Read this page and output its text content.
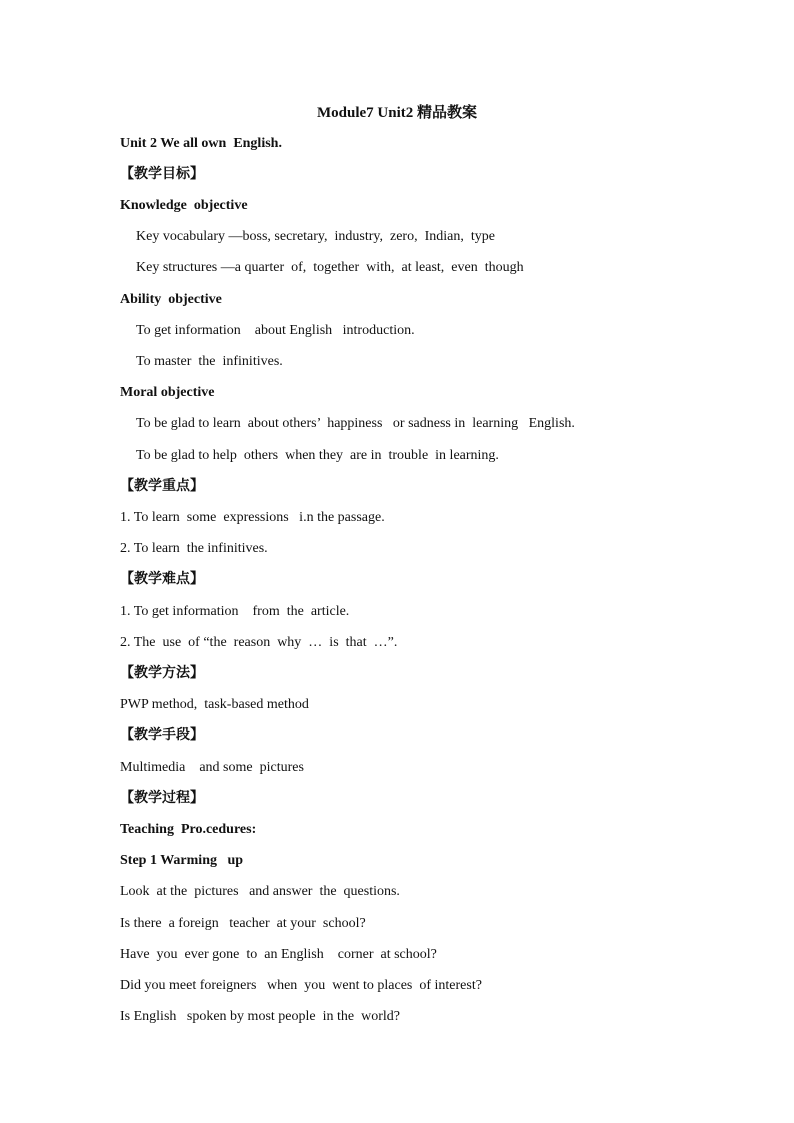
Module7 Unit2 精品教案
Unit 2 We all own  English.
【教学目标】
Knowledge  objective
Key vocabulary —boss, secretary,  industry,  zero,  Indian,  type
Key structures —a quarter  of,  together  with,  at least,  even  though
Ability  objective
To get information    about English   introduction.
To master  the  infinitives.
Moral objective
To be glad to learn  about others’  happiness   or sadness in  learning   English.
To be glad to help  others  when they  are in  trouble  in learning.
【教学重点】
1. To learn  some  expressions   i.n the passage.
2. To learn  the infinitives.
【教学难点】
1. To get information    from  the  article.
2. The  use  of “the  reason  why  …  is  that  …”.
【教学方法】
PWP method,  task-based method
【教学手段】
Multimedia    and some  pictures
【教学过程】
Teaching  Pro.cedures:
Step 1 Warming   up
Look  at the  pictures   and answer  the  questions.
Is there  a foreign   teacher  at your  school?
Have  you  ever gone  to  an English    corner  at school?
Did you meet foreigners   when  you  went to places  of interest?
Is English   spoken by most people  in the  world?
